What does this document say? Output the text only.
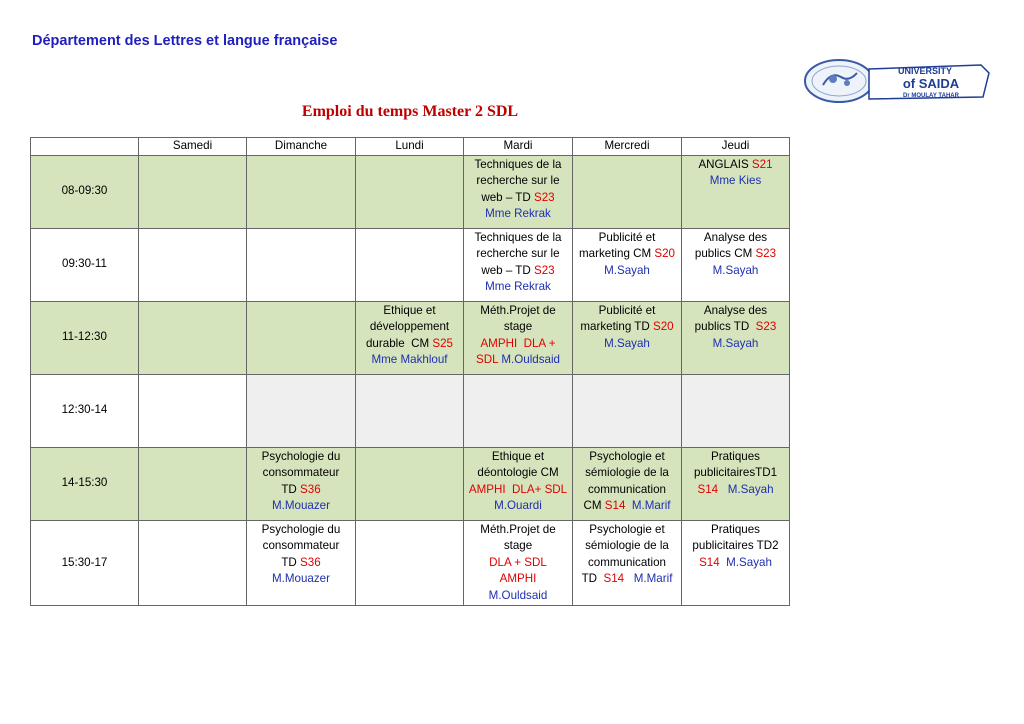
Département des Lettres et langue française
UNIVERSITY
of SAIDA
Dr MOULAY TAHAR
Emploi du temps Master 2 SDL
	Samedi	Dimanche	Lundi	Mardi	Mercredi	Jeudi
08-09:30				Techniques de la
recherche sur le
web – TD S23
Mme Rekrak		ANGLAIS S21
Mme Kies

09:30-11				Techniques de la
recherche sur le
web – TD S23
Mme Rekrak	Publicité et
marketing CM S20
M.Sayah	Analyse des
publics CM S23
M.Sayah

11-12:30			Ethique et
développement
durable  CM S25
Mme Makhlouf	Méth.Projet de
stage
AMPHI  DLA +
SDL M.Ouldsaid	Publicité et
marketing TD S20
M.Sayah	Analyse des
publics TD  S23
M.Sayah

12:30-14						
14-15:30		Psychologie du
consommateur
TD S36
M.Mouazer		Ethique et
déontologie CM
AMPHI  DLA+ SDL
M.Ouardi	Psychologie et
sémiologie de la
communication
CM S14  M.Marif	Pratiques
publicitairesTD1
S14   M.Sayah

15:30-17		Psychologie du
consommateur
TD S36
M.Mouazer		Méth.Projet de
stage
DLA + SDL
AMPHI
M.Ouldsaid	Psychologie et
sémiologie de la
communication
TD  S14   M.Marif	Pratiques
publicitaires TD2
S14  M.Sayah
